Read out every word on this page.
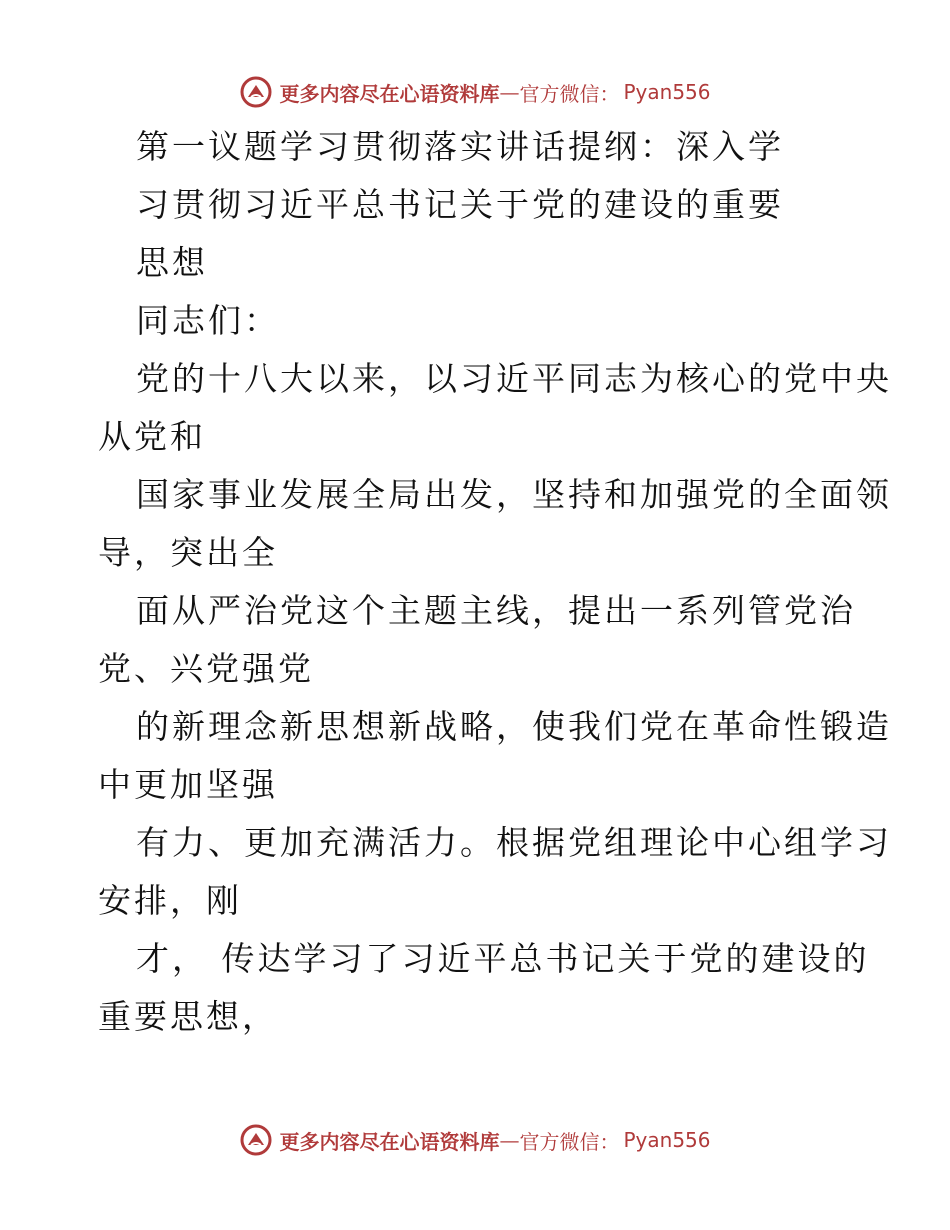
更多内容尽在心语资料库 — 官方微信： Pyan556
第一议题学习贯彻落实讲话提纲：深入学
习贯彻习近平总书记关于党的建设的重要
思想
同志们：
党的十八大以来，以习近平同志为核心的党中央
从党和
国家事业发展全局出发，坚持和加强党的全面领
导，突出全
面从严治党这个主题主线，提出一系列管党治
党、兴党强党
的新理念新思想新战略，使我们党在革命性锻造
中更加坚强
有力、更加充满活力。根据党组理论中心组学习
安排，刚
才， 传达学习了习近平总书记关于党的建设的
重要思想，
更多内容尽在心语资料库 — 官方微信： Pyan556
